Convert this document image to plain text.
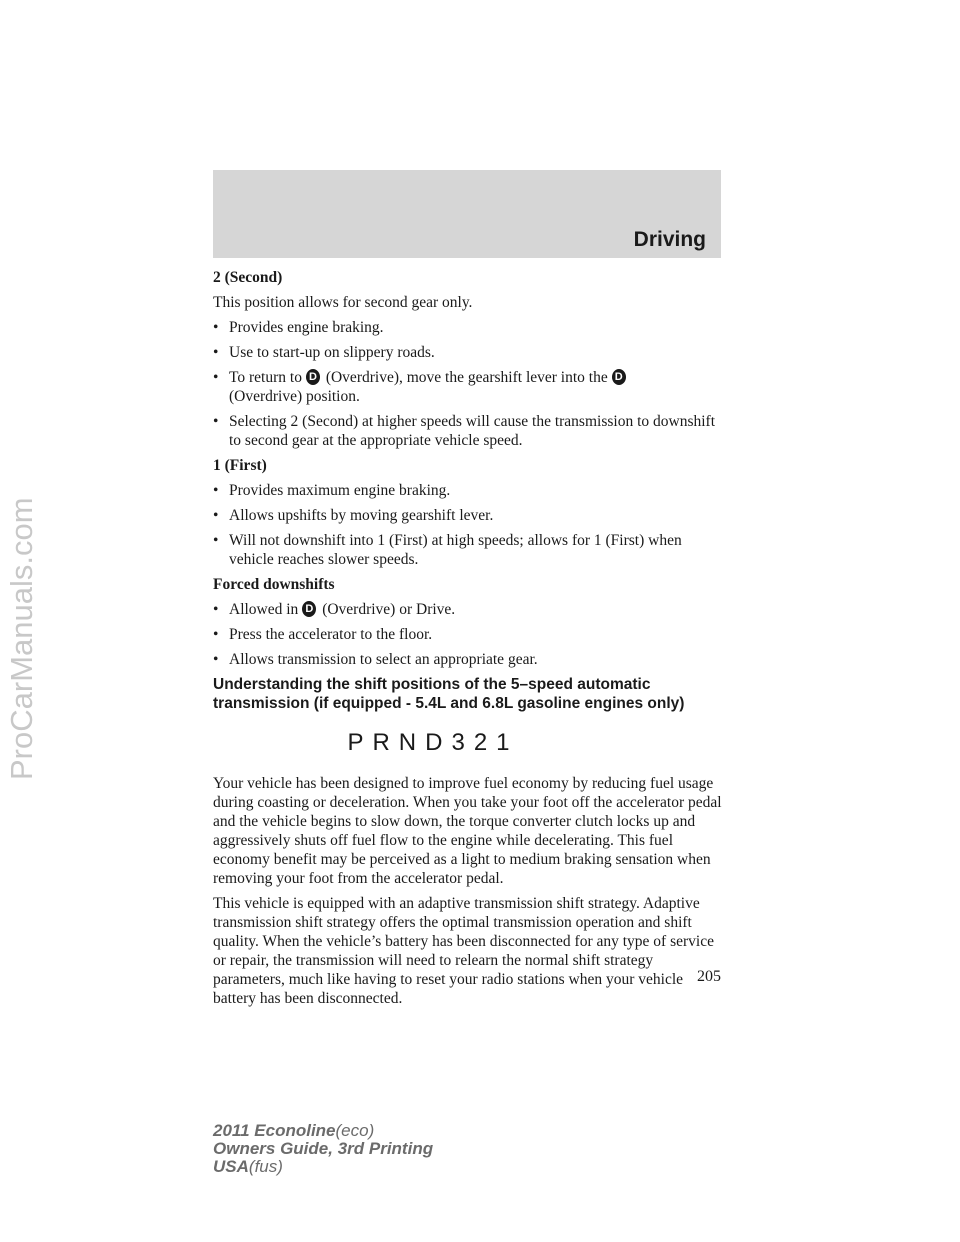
ProCarManuals.com
Driving

2 (Second)

This position allows for second gear only.

• Provides engine braking.

• Use to start-up on slippery roads.

• To return to D (Overdrive), move the gearshift lever into theD
(Overdrive) position.

• Selecting 2 (Second) at higher speeds will cause the transmission to downshift to second gear at the appropriate vehicle speed.

1 (First)

• Provides maximum engine braking.

• Allows upshifts by moving gearshift lever.

• Will not downshift into 1 (First) at high speeds; allows for 1 (First) when vehicle reaches slower speeds.

Forced downshifts

• Allowed in D (Overdrive) or Drive.

• Press the accelerator to the floor.

• Allows transmission to select an appropriate gear.

Understanding the shift positions of the 5–speed automatic transmission (if equipped - 5.4L and 6.8L gasoline engines only)

PRND321

Your vehicle has been designed to improve fuel economy by reducing fuel usage during coasting or deceleration. When you take your foot off the accelerator pedal and the vehicle begins to slow down, the torque converter clutch locks up and aggressively shuts off fuel flow to the engine while decelerating. This fuel economy benefit may be perceived as a light to medium braking sensation when removing your foot from the accelerator pedal.

This vehicle is equipped with an adaptive transmission shift strategy. Adaptive transmission shift strategy offers the optimal transmission operation and shift quality. When the vehicle’s battery has been disconnected for any type of service or repair, the transmission will need to relearn the normal shift strategy parameters, much like having to reset your radio stations when your vehicle battery has been disconnected.

205
2011 Econoline(eco)
Owners Guide, 3rd Printing
USA(fus)
